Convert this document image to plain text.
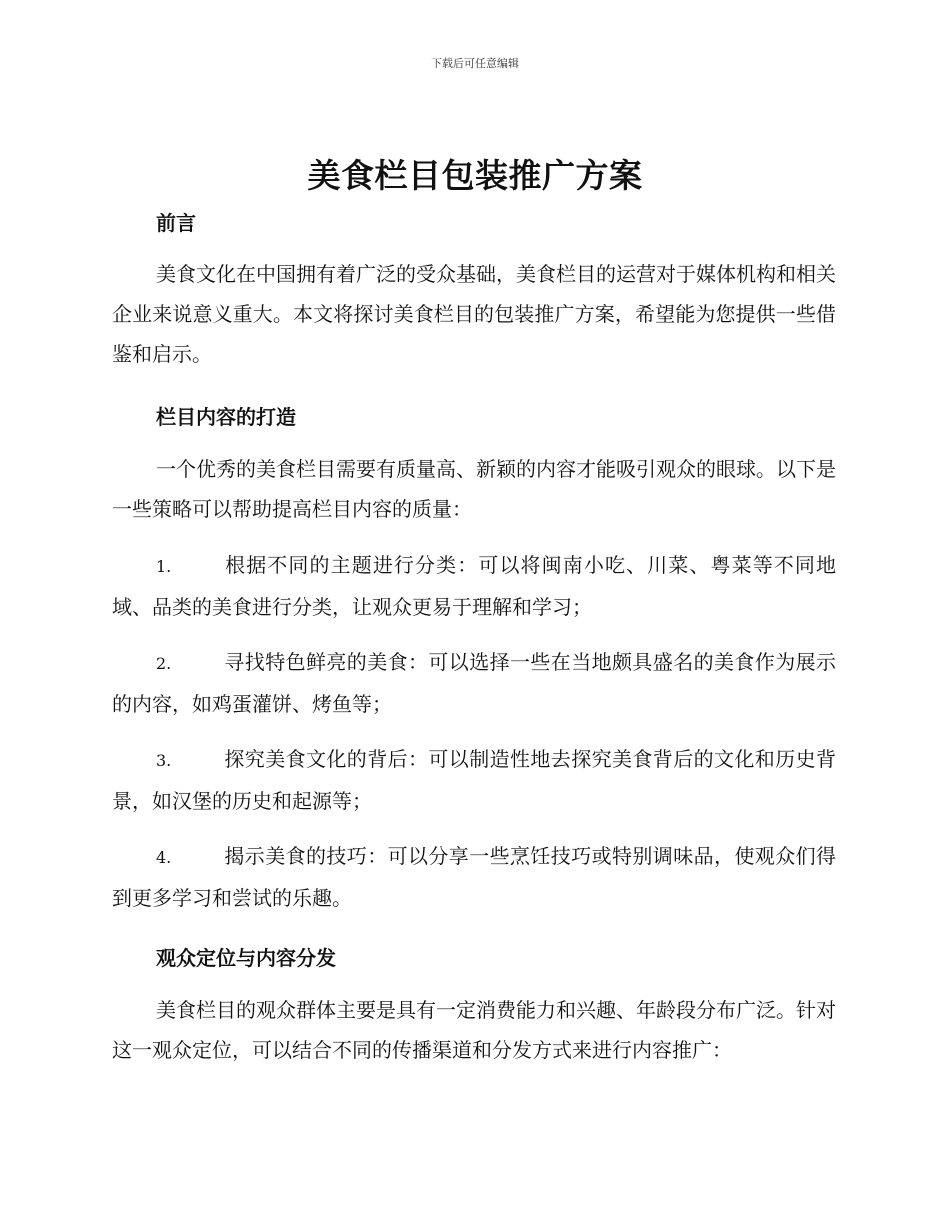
下载后可任意编辑
美食栏目包装推广方案
前言
美食文化在中国拥有着广泛的受众基础，美食栏目的运营对于媒体机构和相关企业来说意义重大。本文将探讨美食栏目的包装推广方案，希望能为您提供一些借鉴和启示。
栏目内容的打造
一个优秀的美食栏目需要有质量高、新颖的内容才能吸引观众的眼球。以下是一些策略可以帮助提高栏目内容的质量：
1.	根据不同的主题进行分类：可以将闽南小吃、川菜、粤菜等不同地域、品类的美食进行分类，让观众更易于理解和学习；
2.	寻找特色鲜亮的美食：可以选择一些在当地颇具盛名的美食作为展示的内容，如鸡蛋灌饼、烤鱼等；
3.	探究美食文化的背后：可以制造性地去探究美食背后的文化和历史背景，如汉堡的历史和起源等；
4.	揭示美食的技巧：可以分享一些烹饪技巧或特别调味品，使观众们得到更多学习和尝试的乐趣。
观众定位与内容分发
美食栏目的观众群体主要是具有一定消费能力和兴趣、年龄段分布广泛。针对这一观众定位，可以结合不同的传播渠道和分发方式来进行内容推广：
